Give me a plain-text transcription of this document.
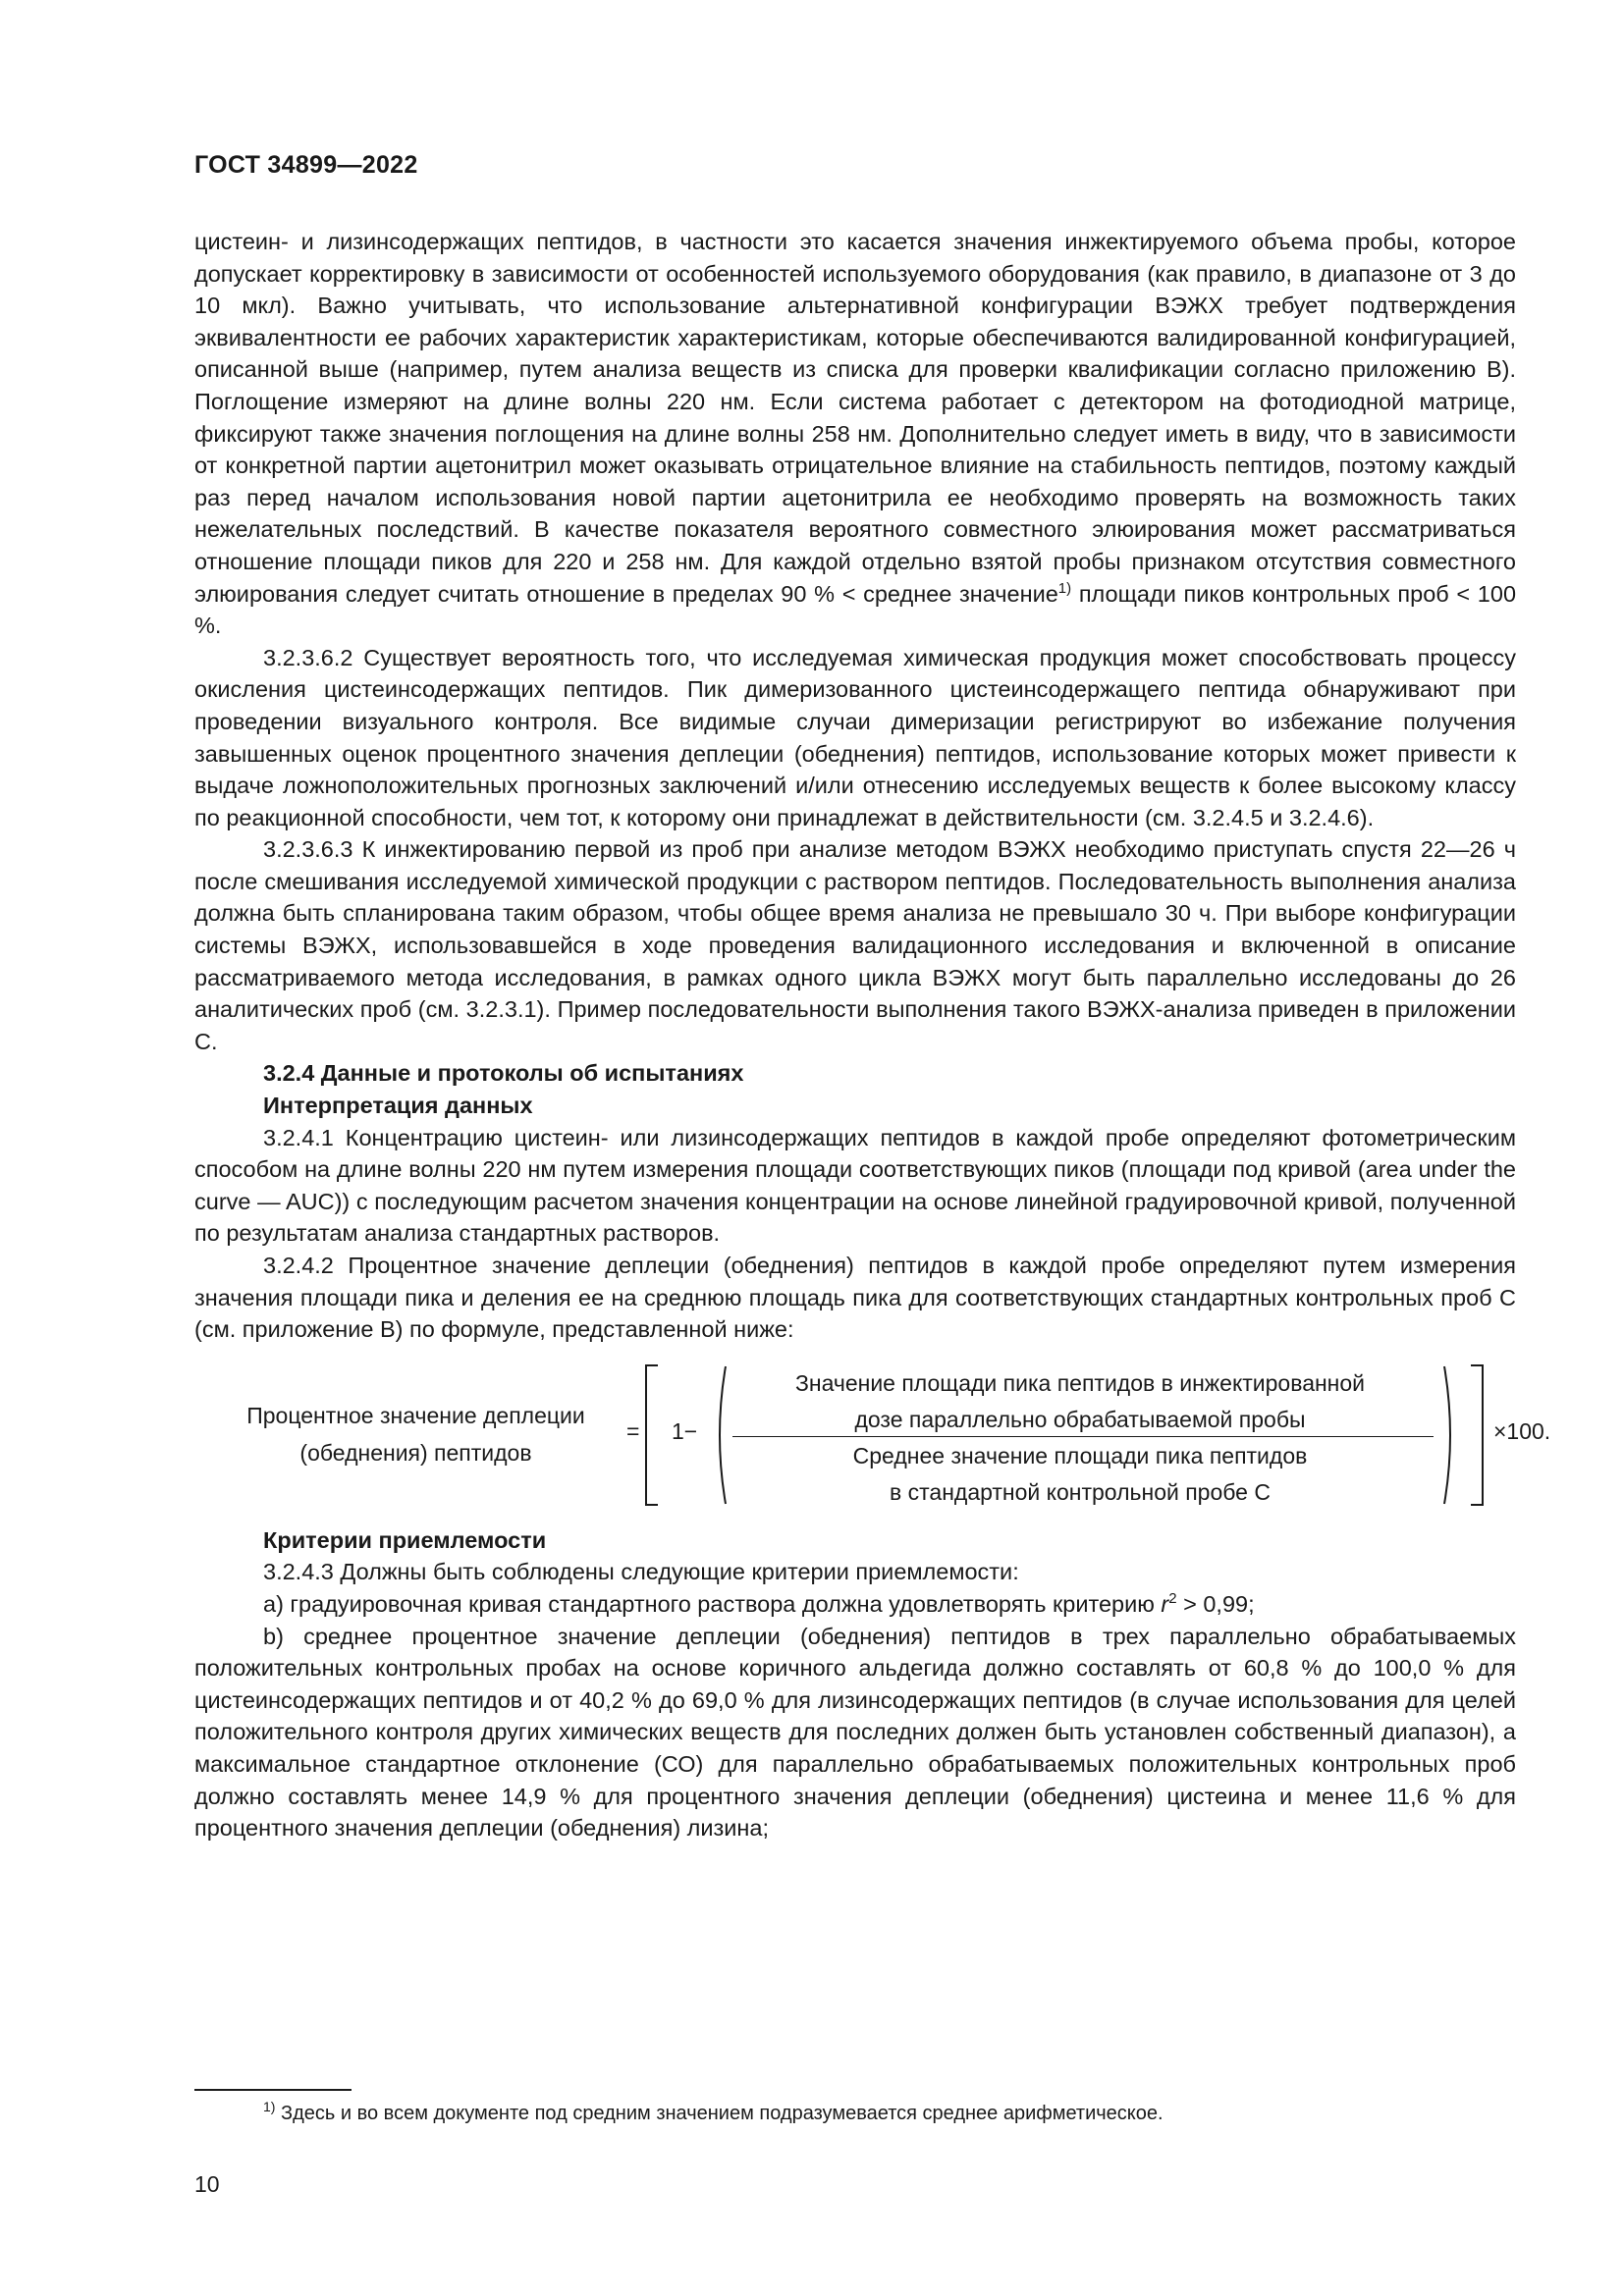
ГОСТ 34899—2022

цистеин- и лизинсодержащих пептидов, в частности это касается значения инжектируемого объема пробы, которое допускает корректировку в зависимости от особенностей используемого оборудования (как правило, в диапазоне от 3 до 10 мкл). Важно учитывать, что использование альтернативной конфигурации ВЭЖХ требует подтверждения эквивалентности ее рабочих характеристик характеристикам, которые обеспечиваются валидированной конфигурацией, описанной выше (например, путем анализа веществ из списка для проверки квалификации согласно приложению В). Поглощение измеряют на длине волны 220 нм. Если система работает с детектором на фотодиодной матрице, фиксируют также значения поглощения на длине волны 258 нм. Дополнительно следует иметь в виду, что в зависимости от конкретной партии ацетонитрил может оказывать отрицательное влияние на стабильность пептидов, поэтому каждый раз перед началом использования новой партии ацетонитрила ее необходимо проверять на возможность таких нежелательных последствий. В качестве показателя вероятного совместного элюирования может рассматриваться отношение площади пиков для 220 и 258 нм. Для каждой отдельно взятой пробы признаком отсутствия совместного элюирования следует считать отношение в пределах 90 % < среднее значение$^{1)}$ площади пиков контрольных проб < 100 %.

3.2.3.6.2 Существует вероятность того, что исследуемая химическая продукция может способствовать процессу окисления цистеинсодержащих пептидов. Пик димеризованного цистеинсодержащего пептида обнаруживают при проведении визуального контроля. Все видимые случаи димеризации регистрируют во избежание получения завышенных оценок процентного значения деплеции (обеднения) пептидов, использование которых может привести к выдаче ложноположительных прогнозных заключений и/или отнесению исследуемых веществ к более высокому классу по реакционной способности, чем тот, к которому они принадлежат в действительности (см. 3.2.4.5 и 3.2.4.6).

3.2.3.6.3 К инжектированию первой из проб при анализе методом ВЭЖХ необходимо приступать спустя 22—26 ч после смешивания исследуемой химической продукции с раствором пептидов. Последовательность выполнения анализа должна быть спланирована таким образом, чтобы общее время анализа не превышало 30 ч. При выборе конфигурации системы ВЭЖХ, использовавшейся в ходе проведения валидационного исследования и включенной в описание рассматриваемого метода исследования, в рамках одного цикла ВЭЖХ могут быть параллельно исследованы до 26 аналитических проб (см. 3.2.3.1). Пример последовательности выполнения такого ВЭЖХ-анализа приведен в приложении С.

3.2.4 Данные и протоколы об испытаниях

Интерпретация данных

3.2.4.1 Концентрацию цистеин- или лизинсодержащих пептидов в каждой пробе определяют фотометрическим способом на длине волны 220 нм путем измерения площади соответствующих пиков (площади под кривой (area under the curve — AUC)) с последующим расчетом значения концентрации на основе линейной градуировочной кривой, полученной по результатам анализа стандартных растворов.

3.2.4.2 Процентное значение деплеции (обеднения) пептидов в каждой пробе определяют путем измерения значения площади пика и деления ее на среднюю площадь пика для соответствующих стандартных контрольных проб С (см. приложение В) по формуле, представленной ниже:

Процентное значение деплеции
(обеднения) пептидов
= 1−
Значение площади пика пептидов в инжектированной
дозе параллельно обрабатываемой пробы
Среднее значение площади пика пептидов
в стандартной контрольной пробе С
×100.

Критерии приемлемости

3.2.4.3 Должны быть соблюдены следующие критерии приемлемости:

a) градуировочная кривая стандартного раствора должна удовлетворять критерию $r^2 > 0,99$;

b) среднее процентное значение деплеции (обеднения) пептидов в трех параллельно обрабатываемых положительных контрольных пробах на основе коричного альдегида должно составлять от 60,8 % до 100,0 % для цистеинсодержащих пептидов и от 40,2 % до 69,0 % для лизинсодержащих пептидов (в случае использования для целей положительного контроля других химических веществ для последних должен быть установлен собственный диапазон), а максимальное стандартное отклонение (СО) для параллельно обрабатываемых положительных контрольных проб должно составлять менее 14,9 % для процентного значения деплеции (обеднения) цистеина и менее 11,6 % для процентного значения деплеции (обеднения) лизина;

$^{1)}$ Здесь и во всем документе под средним значением подразумевается среднее арифметическое.
10
